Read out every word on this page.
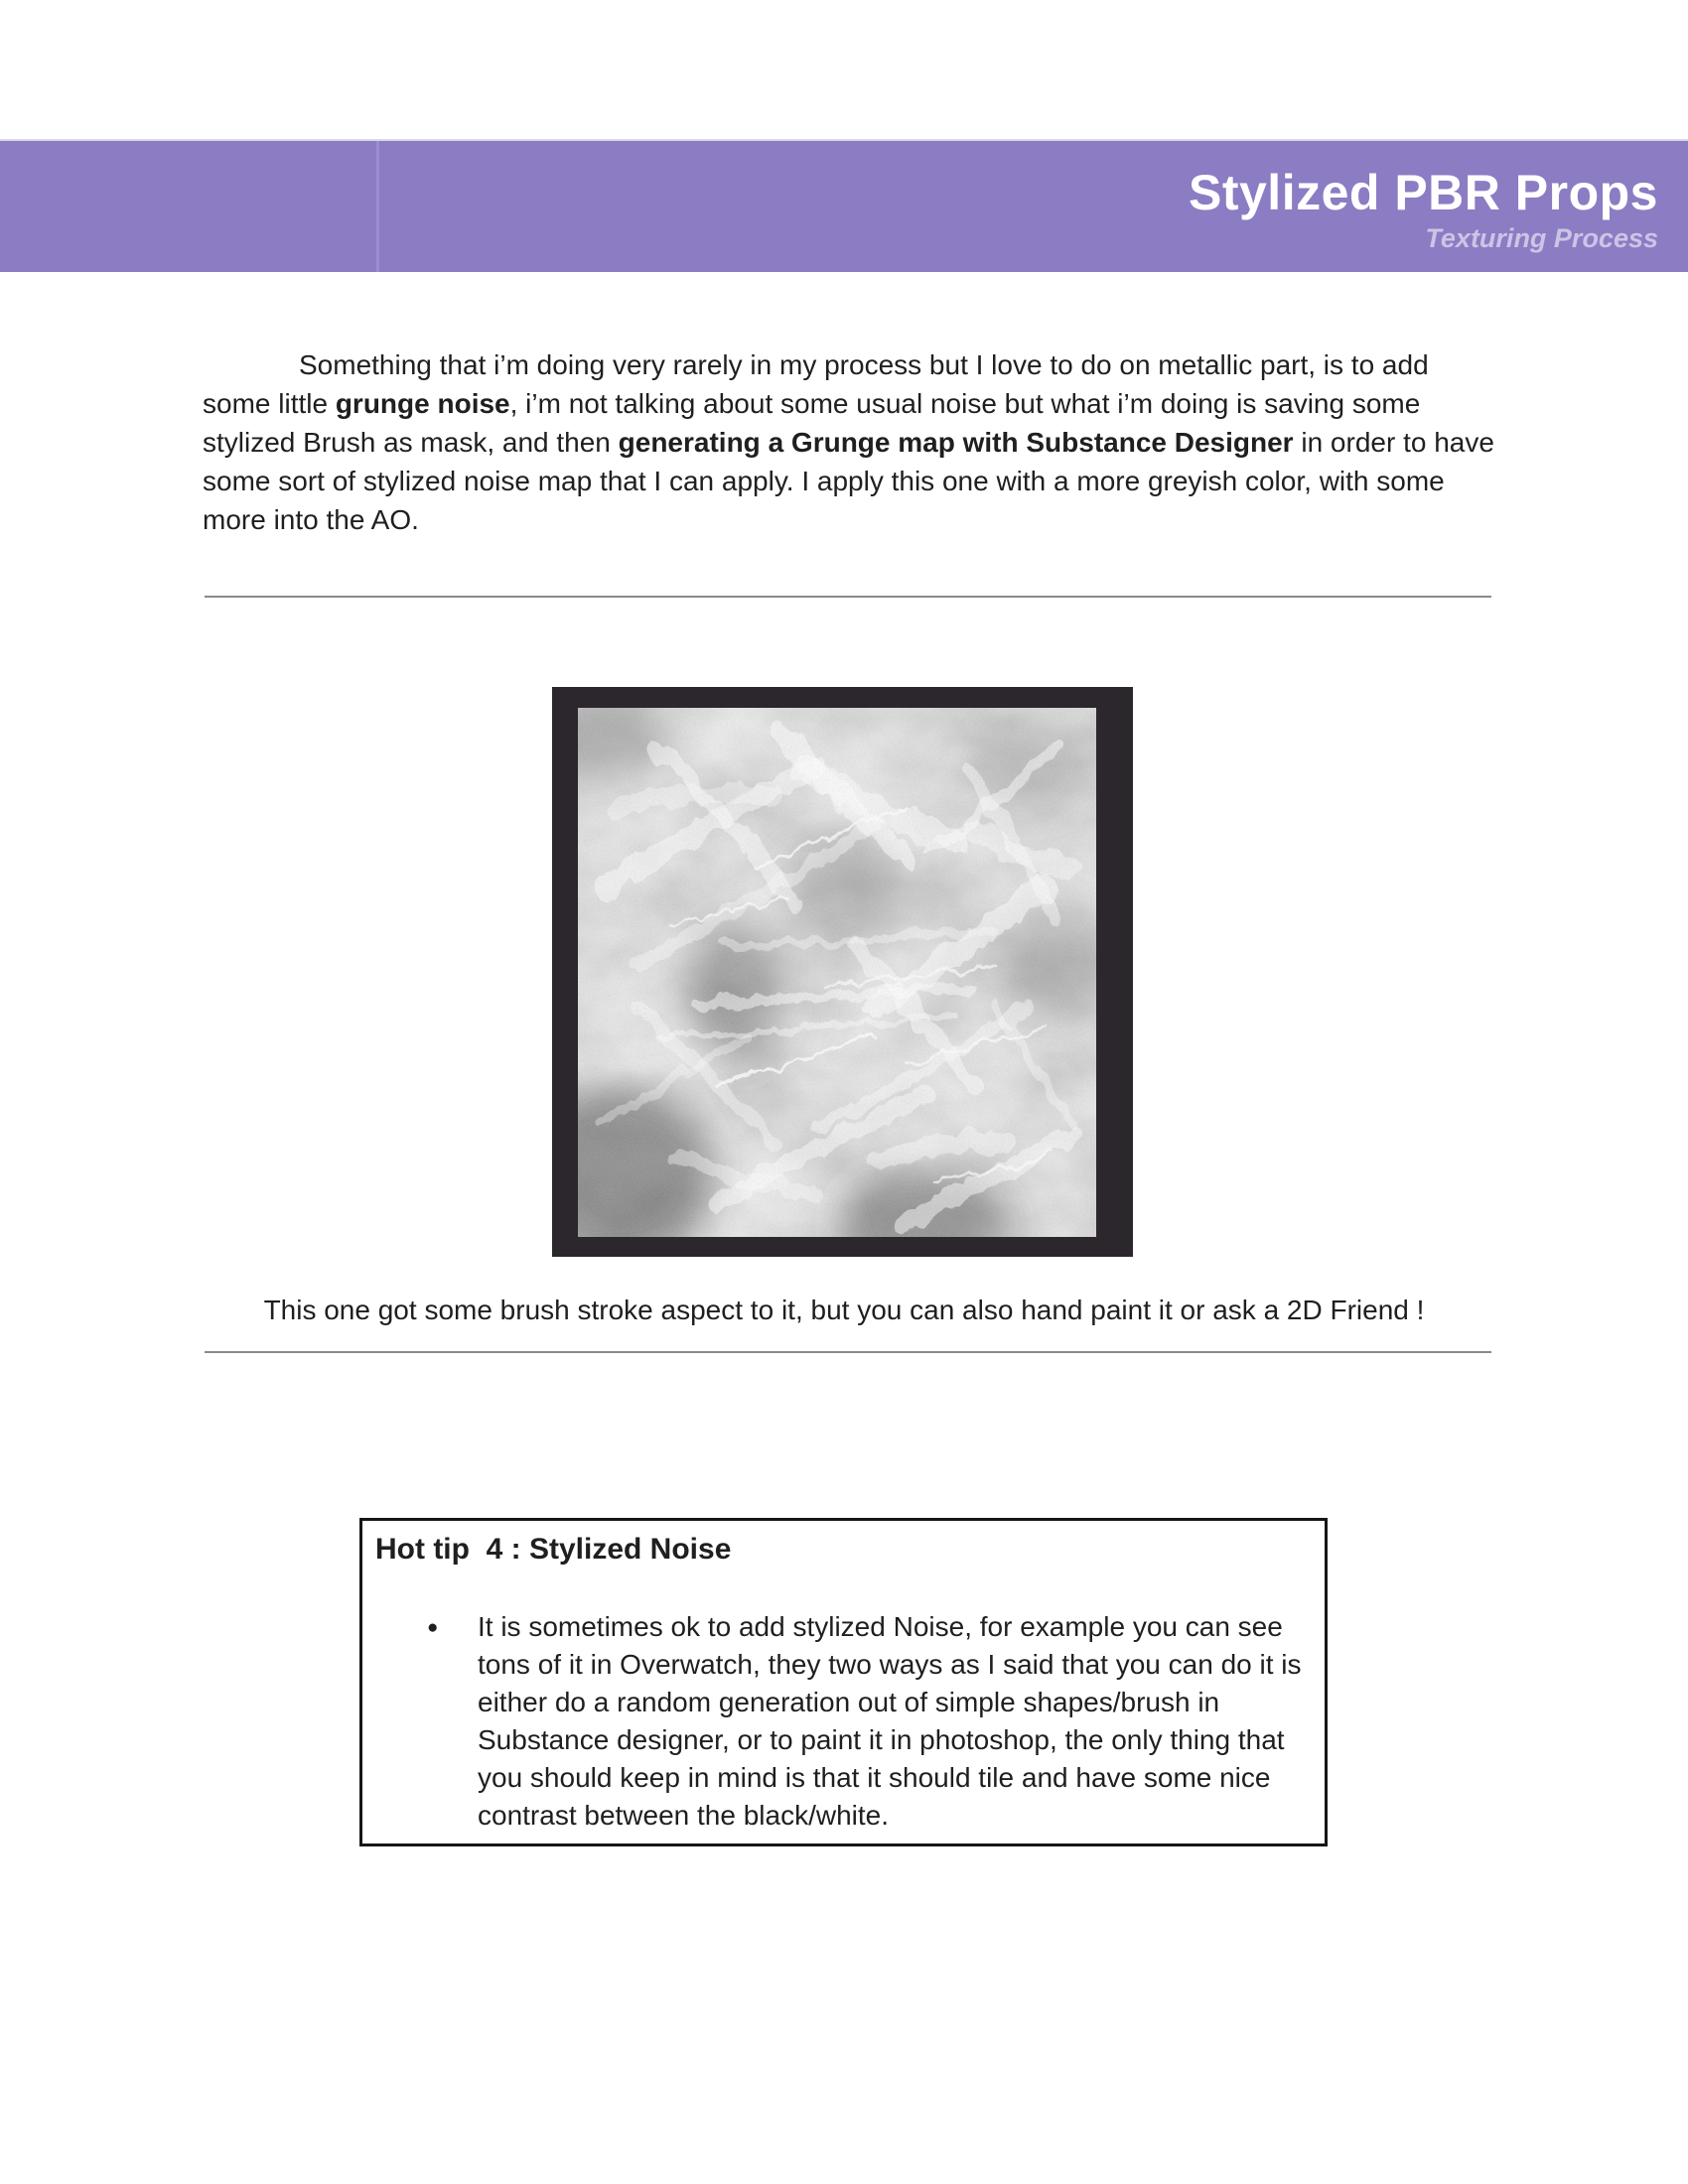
Stylized PBR Props
Texturing Process

Something that i’m doing very rarely in my process but I love to do on metallic part, is to add some little grunge noise, i’m not talking about some usual noise but what i’m doing is saving some stylized Brush as mask, and then generating a Grunge map with Substance Designer in order to have some sort of stylized noise map that I can apply. I apply this one with a more greyish color, with some more into the AO.

This one got some brush stroke aspect to it, but you can also hand paint it or ask a 2D Friend !
Hot tip  4 : Stylized Noise
● It is sometimes ok to add stylized Noise, for example you can see tons of it in Overwatch, they two ways as I said that you can do it is either do a random generation out of simple shapes/brush in Substance designer, or to paint it in photoshop, the only thing that you should keep in mind is that it should tile and have some nice contrast between the black/white.
